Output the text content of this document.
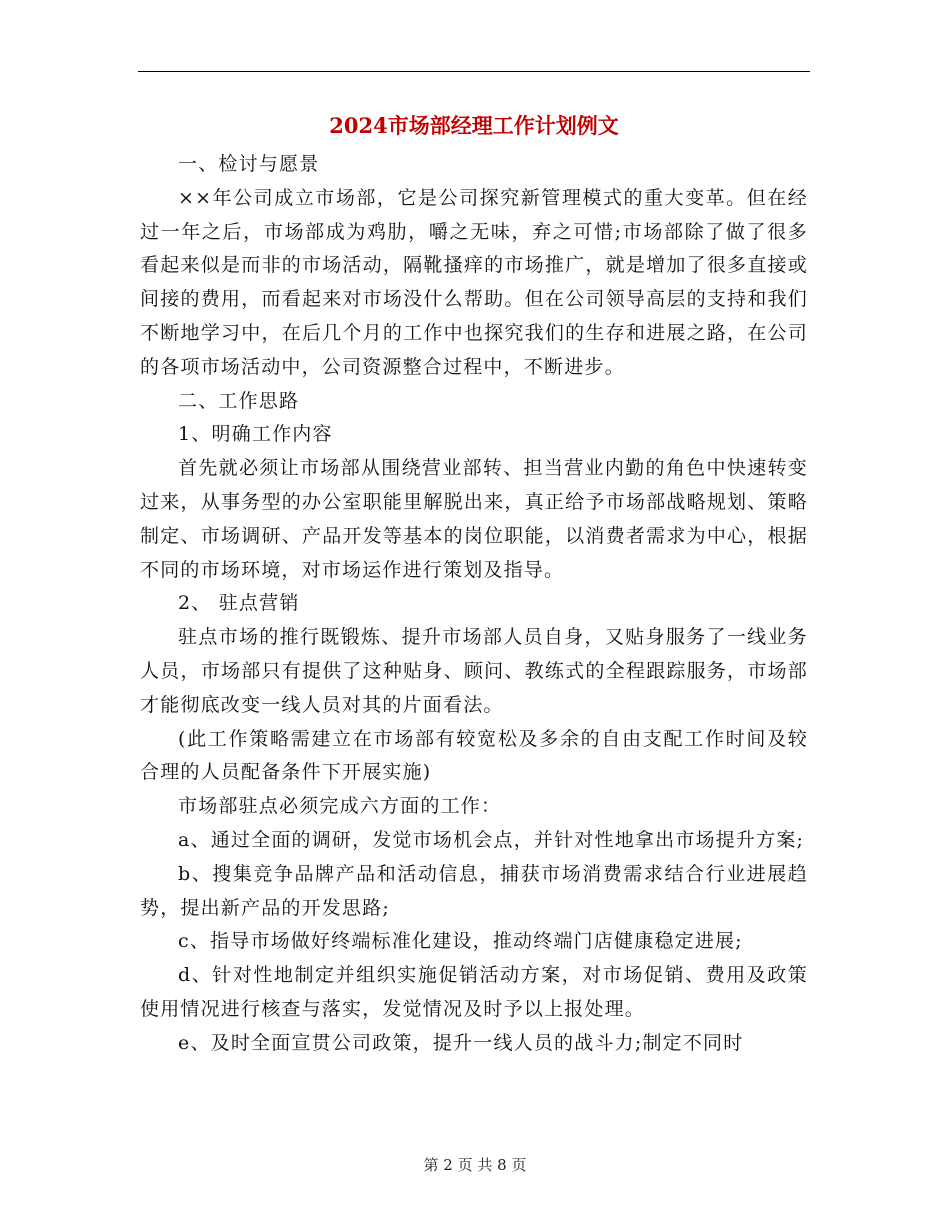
2024市场部经理工作计划例文

一、检讨与愿景

××年公司成立市场部，它是公司探究新管理模式的重大变革。但在经过一年之后，市场部成为鸡肋，嚼之无味，弃之可惜;市场部除了做了很多看起来似是而非的市场活动，隔靴搔痒的市场推广，就是增加了很多直接或间接的费用，而看起来对市场没什么帮助。但在公司领导高层的支持和我们不断地学习中，在后几个月的工作中也探究我们的生存和进展之路，在公司的各项市场活动中，公司资源整合过程中，不断进步。

二、工作思路

1、明确工作内容

首先就必须让市场部从围绕营业部转、担当营业内勤的角色中快速转变过来，从事务型的办公室职能里解脱出来，真正给予市场部战略规划、策略制定、市场调研、产品开发等基本的岗位职能，以消费者需求为中心，根据不同的市场环境，对市场运作进行策划及指导。

2、 驻点营销

驻点市场的推行既锻炼、提升市场部人员自身，又贴身服务了一线业务人员，市场部只有提供了这种贴身、顾问、教练式的全程跟踪服务，市场部才能彻底改变一线人员对其的片面看法。

(此工作策略需建立在市场部有较宽松及多余的自由支配工作时间及较合理的人员配备条件下开展实施)

市场部驻点必须完成六方面的工作：

a、通过全面的调研，发觉市场机会点，并针对性地拿出市场提升方案;

b、搜集竞争品牌产品和活动信息，捕获市场消费需求结合行业进展趋势，提出新产品的开发思路;

c、指导市场做好终端标准化建设，推动终端门店健康稳定进展;

d、针对性地制定并组织实施促销活动方案，对市场促销、费用及政策使用情况进行核查与落实，发觉情况及时予以上报处理。

e、及时全面宣贯公司政策，提升一线人员的战斗力;制定不同时

第 2 页 共 8 页
